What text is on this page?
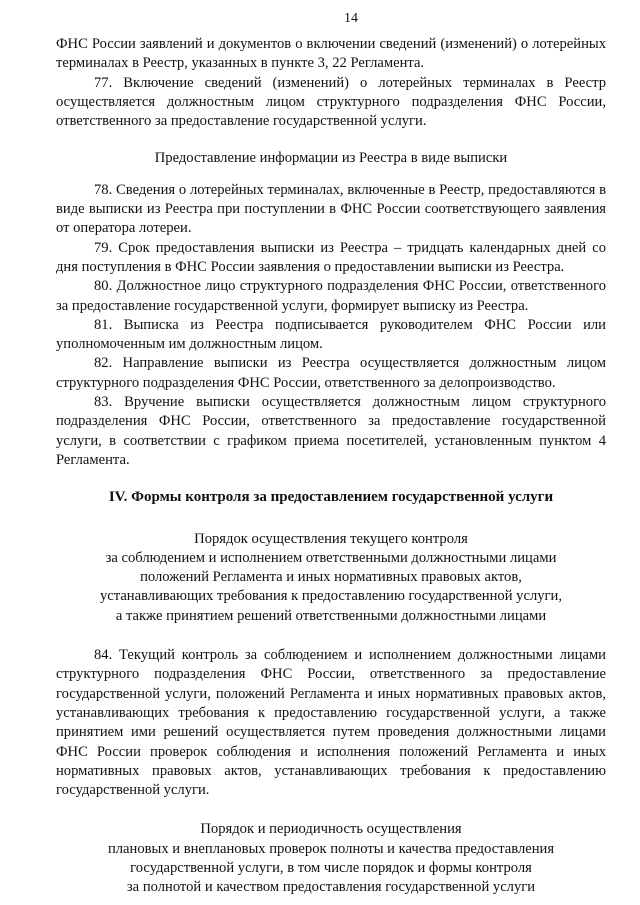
14

ФНС России заявлений и документов о включении сведений (изменений) о лотерейных терминалах в Реестр, указанных в пункте 3, 22 Регламента.

77. Включение сведений (изменений) о лотерейных терминалах в Реестр осуществляется должностным лицом структурного подразделения ФНС России, ответственного за предоставление государственной услуги.

Предоставление информации из Реестра в виде выписки

78. Сведения о лотерейных терминалах, включенные в Реестр, предоставляются в виде выписки из Реестра при поступлении в ФНС России соответствующего заявления от оператора лотереи.

79. Срок предоставления выписки из Реестра – тридцать календарных дней со дня поступления в ФНС России заявления о предоставлении выписки из Реестра.

80. Должностное лицо структурного подразделения ФНС России, ответственного за предоставление государственной услуги, формирует выписку из Реестра.

81. Выписка из Реестра подписывается руководителем ФНС России или уполномоченным им должностным лицом.

82. Направление выписки из Реестра осуществляется должностным лицом структурного подразделения ФНС России, ответственного за делопроизводство.

83. Вручение выписки осуществляется должностным лицом структурного подразделения ФНС России, ответственного за предоставление государственной услуги, в соответствии с графиком приема посетителей, установленным пунктом 4 Регламента.

IV. Формы контроля за предоставлением государственной услуги

Порядок осуществления текущего контроля

за соблюдением и исполнением ответственными должностными лицами

положений Регламента и иных нормативных правовых актов,

устанавливающих требования к предоставлению государственной услуги,

а также принятием решений ответственными должностными лицами

84. Текущий контроль за соблюдением и исполнением должностными лицами структурного подразделения ФНС России, ответственного за предоставление государственной услуги, положений Регламента и иных нормативных правовых актов, устанавливающих требования к предоставлению государственной услуги, а также принятием ими решений осуществляется путем проведения должностными лицами ФНС России проверок соблюдения и исполнения положений Регламента и иных нормативных правовых актов, устанавливающих требования к предоставлению государственной услуги.

Порядок и периодичность осуществления

плановых и внеплановых проверок полноты и качества предоставления

государственной услуги, в том числе порядок и формы контроля

за полнотой и качеством предоставления государственной услуги
